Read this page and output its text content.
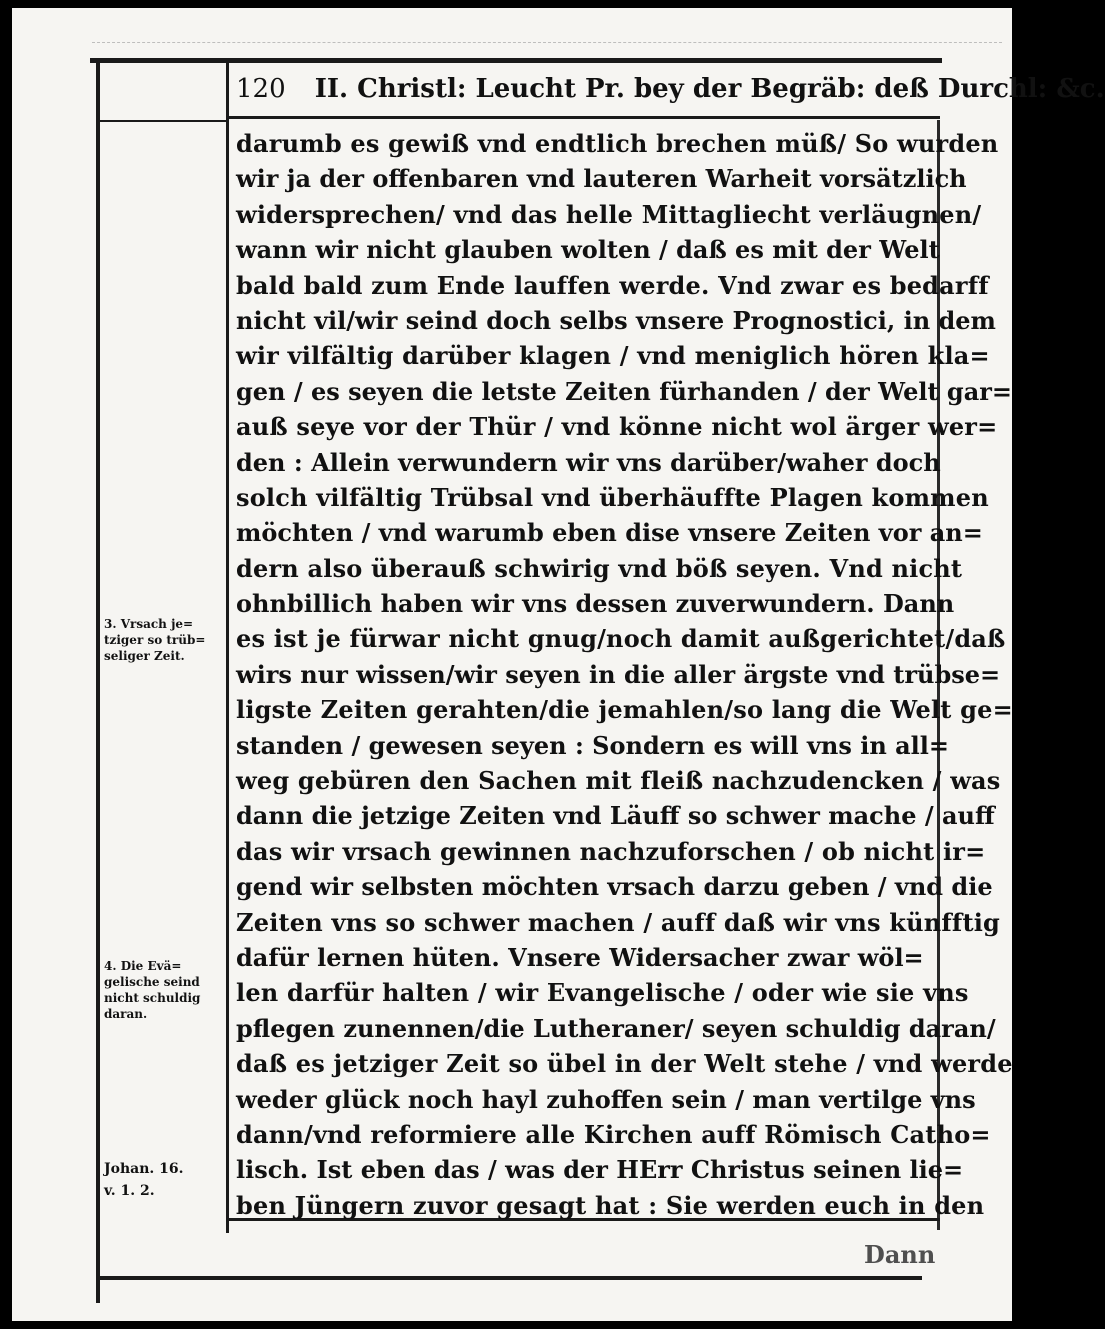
120 II. Christl: Leucht Pr. bey der Begräb: deß Durchl: &c.
darumb es gewiß vnd endtlich brechen müß/ So wurden
wir ja der offenbaren vnd lauteren Warheit vorsätzlich
widersprechen/ vnd das helle Mittagliecht verläugnen/
wann wir nicht glauben wolten / daß es mit der Welt
bald bald zum Ende lauffen werde. Vnd zwar es bedarff
nicht vil/wir seind doch selbs vnsere Prognostici, in dem
wir vilfältig darüber klagen / vnd meniglich hören kla=
gen / es seyen die letste Zeiten fürhanden / der Welt gar=
auß seye vor der Thür / vnd könne nicht wol ärger wer=
den : Allein verwundern wir vns darüber/waher doch
solch vilfältig Trübsal vnd überhäuffte Plagen kommen
möchten / vnd warumb eben dise vnsere Zeiten vor an=
dern also überauß schwirig vnd böß seyen. Vnd nicht
ohnbillich haben wir vns dessen zuverwundern. Dann
es ist je fürwar nicht gnug/noch damit außgerichtet/daß
wirs nur wissen/wir seyen in die aller ärgste vnd trübse=
ligste Zeiten gerahten/die jemahlen/so lang die Welt ge=
standen / gewesen seyen : Sondern es will vns in all=
weg gebüren den Sachen mit fleiß nachzudencken / was
dann die jetzige Zeiten vnd Läuff so schwer mache / auff
das wir vrsach gewinnen nachzuforschen / ob nicht ir=
gend wir selbsten möchten vrsach darzu geben / vnd die
Zeiten vns so schwer machen / auff daß wir vns künfftig
dafür lernen hüten. Vnsere Widersacher zwar wöl=
len darfür halten / wir Evangelische / oder wie sie vns
pflegen zunennen/die Lutheraner/ seyen schuldig daran/
daß es jetziger Zeit so übel in der Welt stehe / vnd werde
weder glück noch hayl zuhoffen sein / man vertilge vns
dann/vnd reformiere alle Kirchen auff Römisch Catho=
lisch. Ist eben das / was der HErr Christus seinen lie=
ben Jüngern zuvor gesagt hat : Sie werden euch in den
3. Vrsach je=
tziger so trüb=
seliger Zeit.
4. Die Evä=
gelische seind
nicht schuldig
daran.
Johan. 16.
v. 1. 2.
Dann
